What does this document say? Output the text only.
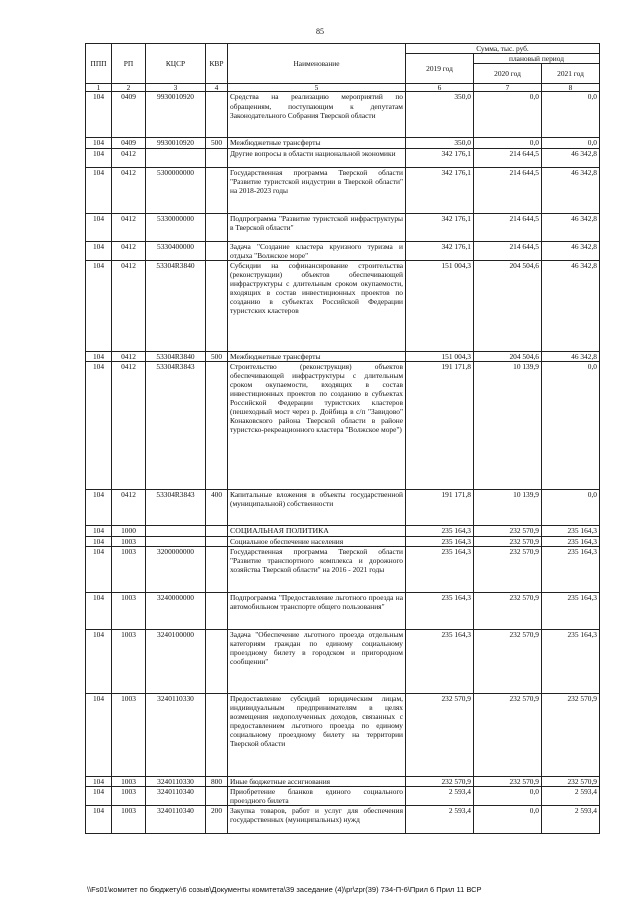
85
ППП	РП	КЦСР	КВР	Наименование	Сумма, тыс. руб.		
					2019 год	плановый период	
						2020 год	2021 год
1	2	3	4	5	6	7	8
104	0409	9930010920		Средства на реализацию мероприятий по обращениям, поступающим к депутатам Законодательного Собрания Тверской области	350,0	0,0	0,0
104	0409	9930010920	500	Межбюджетные трансферты	350,0	0,0	0,0
104	0412			Другие вопросы в области национальной экономики	342 176,1	214 644,5	46 342,8
104	0412	5300000000		Государственная программа Тверской области "Развитие туристской индустрии в Тверской области" на 2018-2023 годы	342 176,1	214 644,5	46 342,8
104	0412	5330000000		Подпрограмма "Развитие туристской инфраструктуры в Тверской области"	342 176,1	214 644,5	46 342,8
104	0412	5330400000		Задача "Создание кластера круизного туризма и отдыха "Волжское море"	342 176,1	214 644,5	46 342,8
104	0412	53304R3840		Субсидии на софинансирование строительства (реконструкции) объектов обеспечивающей инфраструктуры с длительным сроком окупаемости, входящих в состав инвестиционных проектов по созданию в субъектах Российской Федерации туристских кластеров	151 004,3	204 504,6	46 342,8
104	0412	53304R3840	500	Межбюджетные трансферты	151 004,3	204 504,6	46 342,8
104	0412	53304R3843		Строительство (реконструкция) объектов обеспечивающей инфраструктуры с длительным сроком окупаемости, входящих в состав инвестиционных проектов по созданию в субъектах Российской Федерации туристских кластеров (пешеходный мост через р. Дойбица в с/п "Завидово" Конаковского района Тверской области в районе туристско-рекреационного кластера "Волжское море")	191 171,8	10 139,9	0,0
104	0412	53304R3843	400	Капитальные вложения в объекты государственной (муниципальной) собственности	191 171,8	10 139,9	0,0
104	1000			СОЦИАЛЬНАЯ ПОЛИТИКА	235 164,3	232 570,9	235 164,3
104	1003			Социальное обеспечение населения	235 164,3	232 570,9	235 164,3
104	1003	3200000000		Государственная программа Тверской области "Развитие транспортного комплекса и дорожного хозяйства Тверской области" на 2016 - 2021 годы	235 164,3	232 570,9	235 164,3
104	1003	3240000000		Подпрограмма "Предоставление льготного проезда на автомобильном транспорте общего пользования"	235 164,3	232 570,9	235 164,3
104	1003	3240100000		Задача "Обеспечение льготного проезда отдельным категориям граждан по единому социальному проездному билету в городском и пригородном сообщении"	235 164,3	232 570,9	235 164,3
104	1003	3240110330		Предоставление субсидий юридическим лицам, индивидуальным предпринимателям в целях возмещения недополученных доходов, связанных с предоставлением льготного проезда по единому социальному проездному билету на территории Тверской области	232 570,9	232 570,9	232 570,9
104	1003	3240110330	800	Иные бюджетные ассигнования	232 570,9	232 570,9	232 570,9
104	1003	3240110340		Приобретение бланков единого социального проездного билета	2 593,4	0,0	2 593,4
104	1003	3240110340	200	Закупка товаров, работ и услуг для обеспечения государственных (муниципальных) нужд	2 593,4	0,0	2 593,4
\\Fs01\комитет по бюджету\6 созыв\Документы комитета\39 заседание (4)\pr\zpr(39) 734-П-6\Прил 6 Прил 11 ВСР
